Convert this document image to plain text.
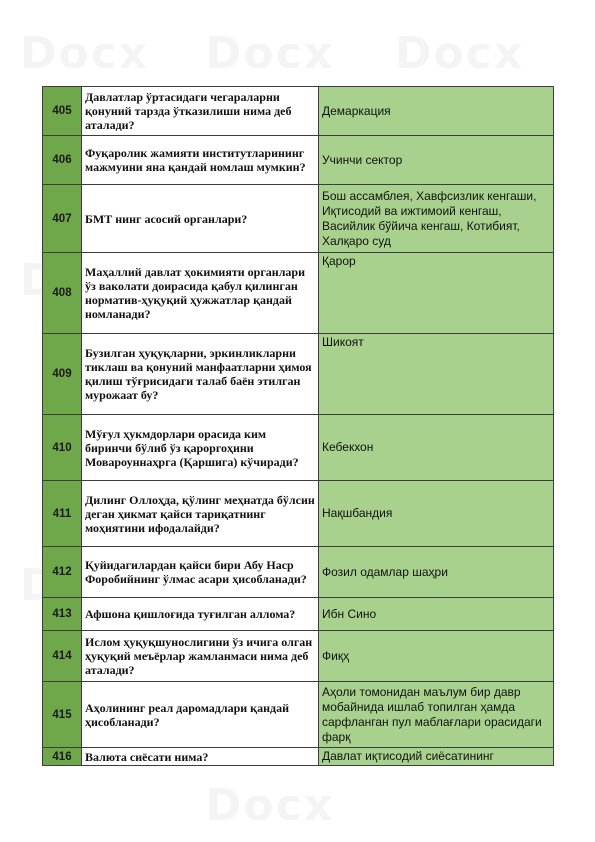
405	Давлатлар ўртасидаги чегараларни қонуний тарзда ўтказилиши нима деб аталади?	Демаркация
406	Фуқаролик жамияти институтларининг мажмуини яна қандай номлаш мумкин?	Учинчи сектор
407	БМТ нинг асосий органлари?	Бош ассамблея, Хавфсизлик кенгаши, Иқтисодий ва ижтимоий кенгаш, Васийлик бўйича кенгаш, Котибият, Халқаро суд
408	Маҳаллий давлат ҳокимияти органлари ўз ваколати доирасида қабул қилинган норматив-ҳуқуқий ҳужжатлар қандай номланади?	Қарор
409	Бузилган ҳуқуқларни, эркинликларни тиклаш ва қонуний манфаатларни ҳимоя қилиш тўғрисидаги талаб баён этилган мурожаат бу?	Шикоят
410	Мўғул ҳукмдорлари орасида ким биринчи бўлиб ўз қароргоҳини Мовароуннаҳрга (Қаршига) кўчиради?	Кебекхон
411	Дилинг Оллоҳда, қўлинг меҳнатда бўлсин деган ҳикмат қайси тариқатнинг моҳиятини ифодалайди?	Нақшбандия
412	Қуйидагилардан қайси бири Абу Наср Форобийнинг ўлмас асари ҳисобланади?	Фозил одамлар шаҳри
413	Афшона қишлоғида туғилган аллома?	Ибн Сино
414	Ислом ҳуқуқшунослигини ўз ичига олган ҳуқуқий меъёрлар жамланмаси нима деб аталади?	Фиқҳ
415	Аҳолининг реал даромадлари қандай ҳисобланади?	Аҳоли томонидан маълум бир давр мобайнида ишлаб топилган ҳамда сарфланган пул маблағлари орасидаги фарқ
416	Валюта сиёсати нима?	Давлат иқтисодий сиёсатининг
